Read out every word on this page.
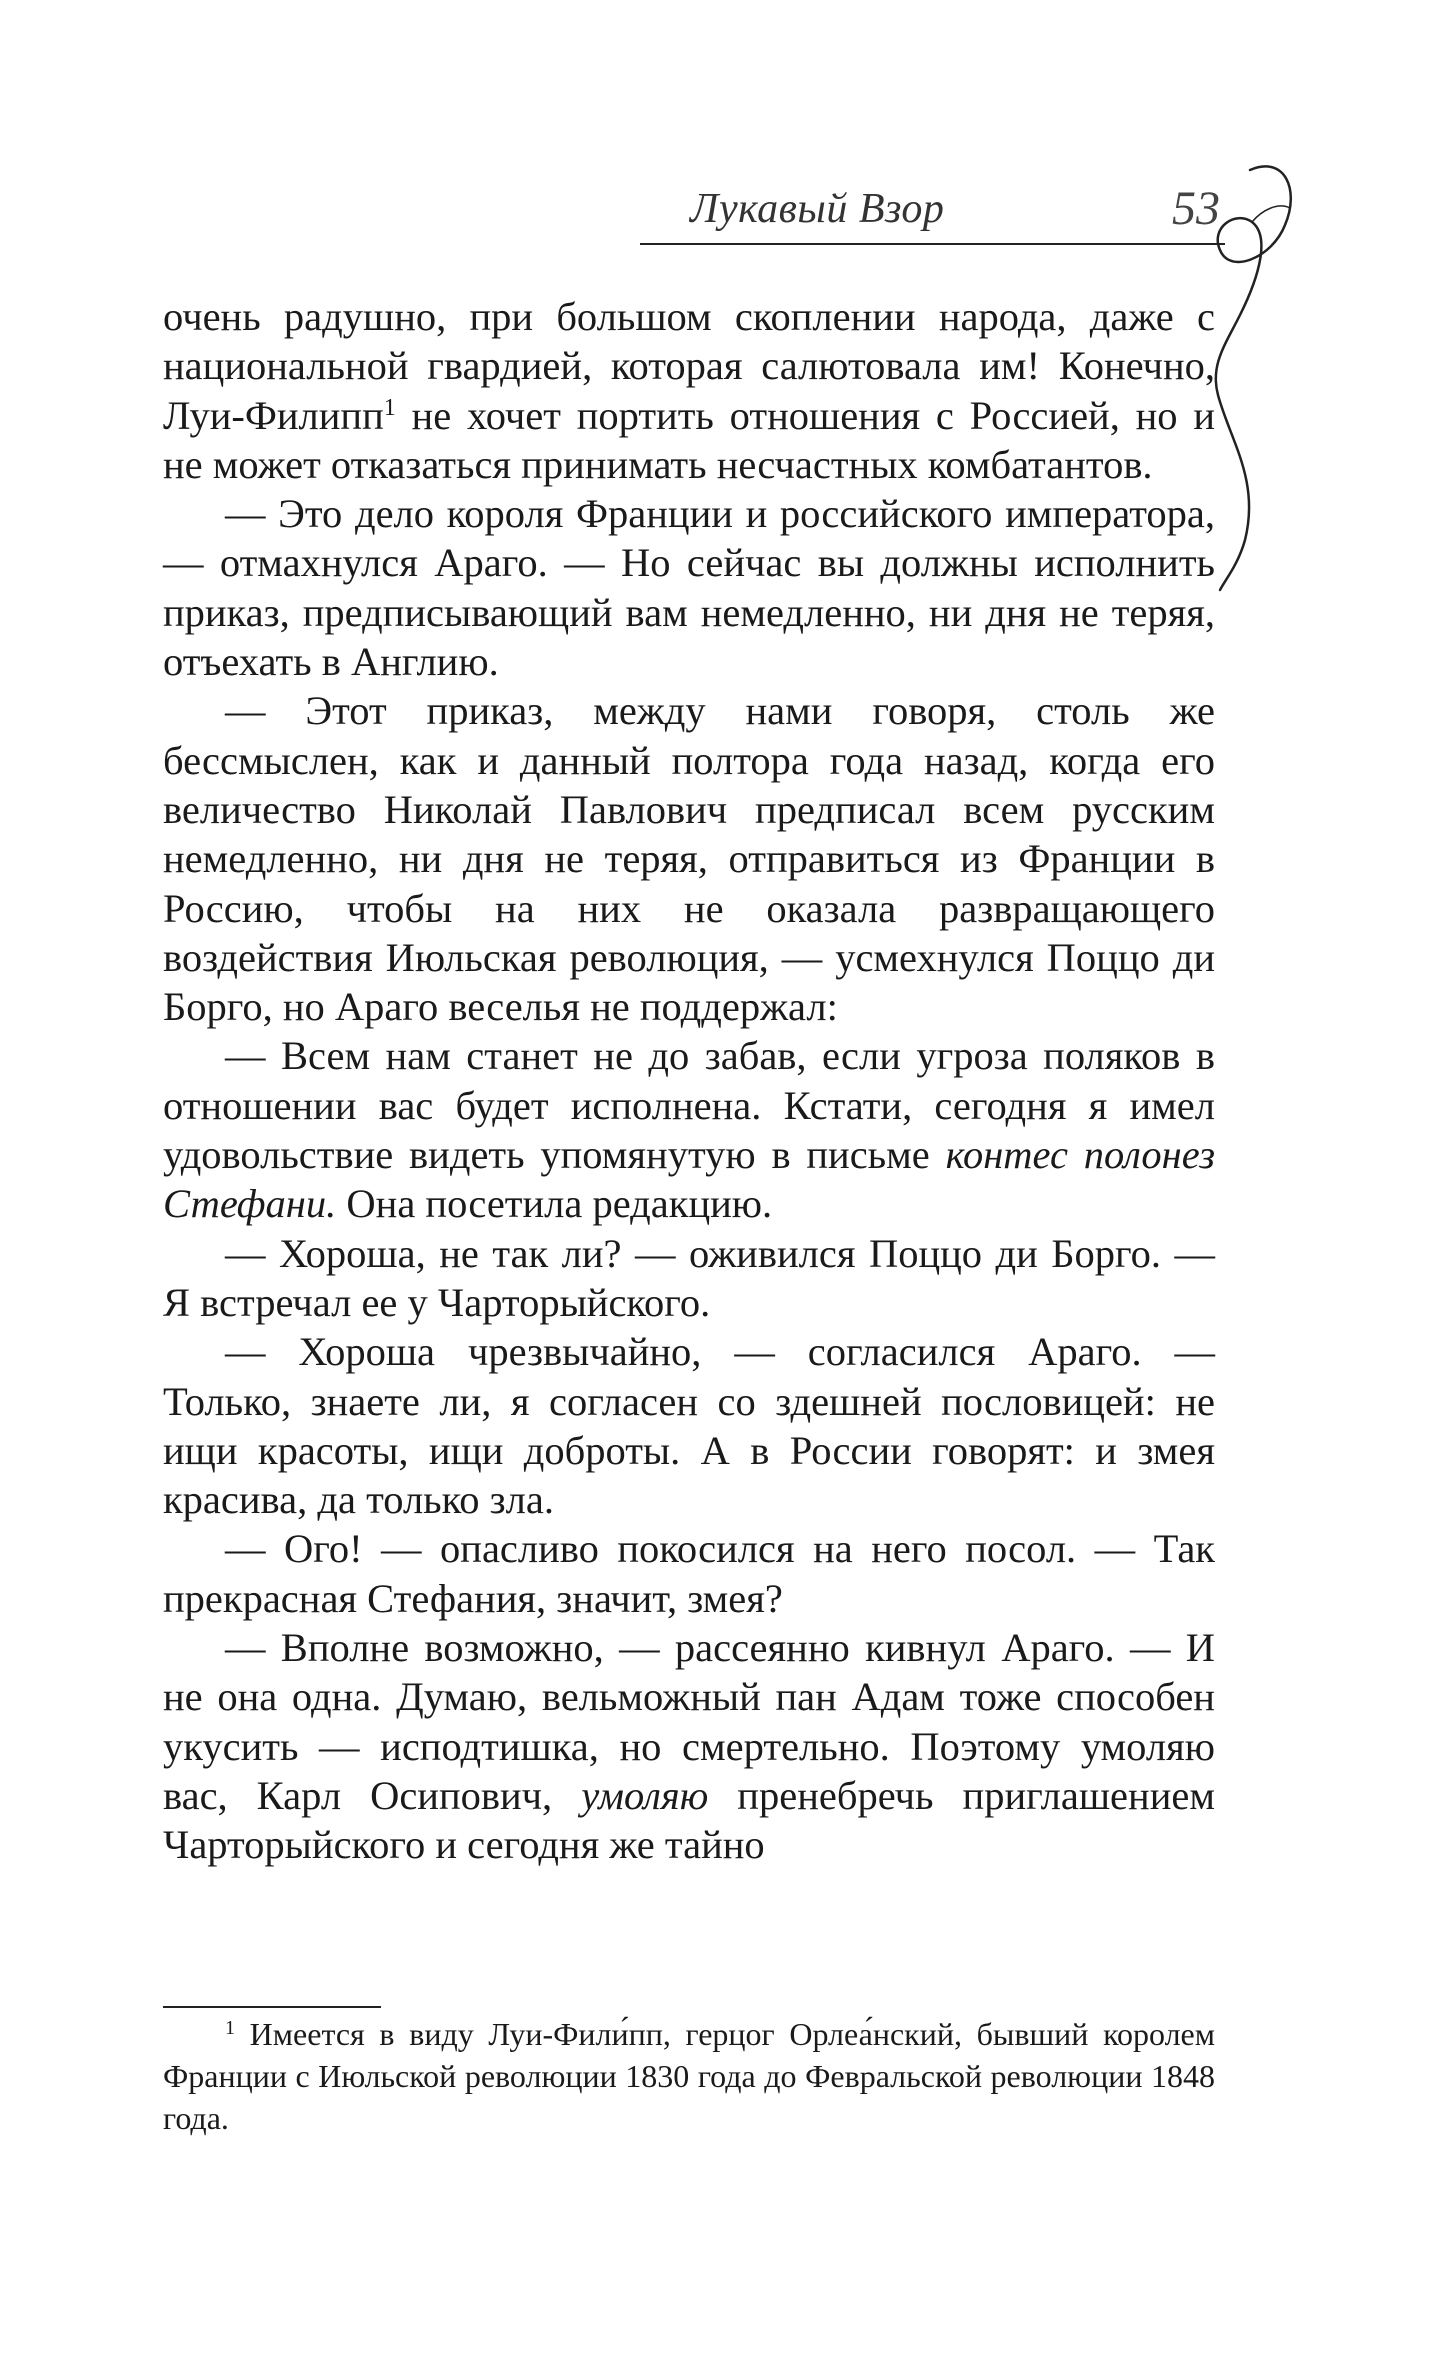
Лукавый Взор	53

очень радушно, при большом скоплении народа, даже с национальной гвардией, которая салютовала им! Конечно, Луи-Филипп$^1$ не хочет портить отношения с Россией, но и не может отказаться принимать несчастных комбатантов.

— Это дело короля Франции и российского императора, — отмахнулся Араго. — Но сейчас вы должны исполнить приказ, предписывающий вам немедленно, ни дня не теряя, отъехать в Англию.

— Этот приказ, между нами говоря, столь же бессмыслен, как и данный полтора года назад, когда его величество Николай Павлович предписал всем русским немедленно, ни дня не теряя, отправиться из Франции в Россию, чтобы на них не оказала развращающего воздействия Июльская революция, — усмехнулся Поццо ди Борго, но Араго веселья не поддержал:

— Всем нам станет не до забав, если угроза поляков в отношении вас будет исполнена. Кстати, сегодня я имел удовольствие видеть упомянутую в письме контес полонез Стефани. Она посетила редакцию.

— Хороша, не так ли? — оживился Поццо ди Борго. — Я встречал ее у Чарторыйского.

— Хороша чрезвычайно, — согласился Араго. — Только, знаете ли, я согласен со здешней пословицей: не ищи красоты, ищи доброты. А в России говорят: и змея красива, да только зла.

— Ого! — опасливо покосился на него посол. — Так прекрасная Стефания, значит, змея?

— Вполне возможно, — рассеянно кивнул Араго. — И не она одна. Думаю, вельможный пан Адам тоже способен укусить — исподтишка, но смертельно. Поэтому умоляю вас, Карл Осипович, умоляю пренебречь приглашением Чарторыйского и сегодня же тайно

$^1$ Имеется в виду Луи-Фили́пп, герцог Орлеа́нский, бывший королем Франции с Июльской революции 1830 года до Февральской революции 1848 года.
